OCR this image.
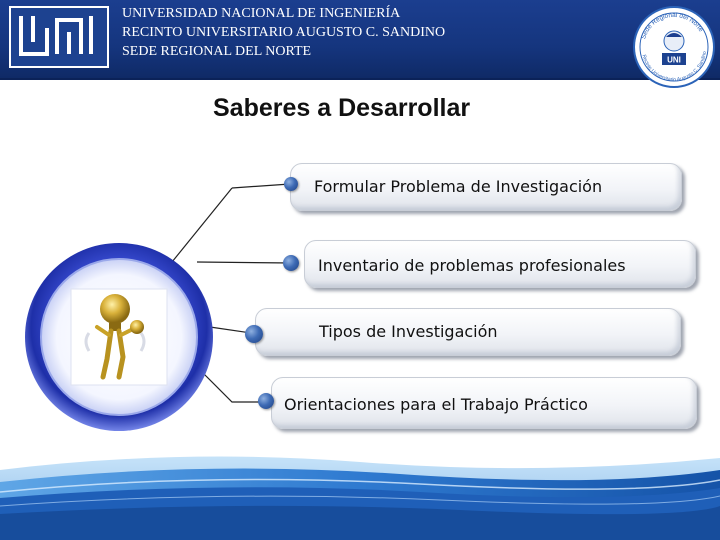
UNIVERSIDAD NACIONAL DE INGENIERÍA
RECINTO UNIVERSITARIO AUGUSTO C. SANDINO
SEDE REGIONAL DEL NORTE
Sede Regional del Norte
Recinto Universitario Augusto C. Sandino
UNI
Saberes a Desarrollar
Formular Problema de Investigación
Inventario de problemas profesionales
Tipos de Investigación
Orientaciones para el Trabajo Práctico
